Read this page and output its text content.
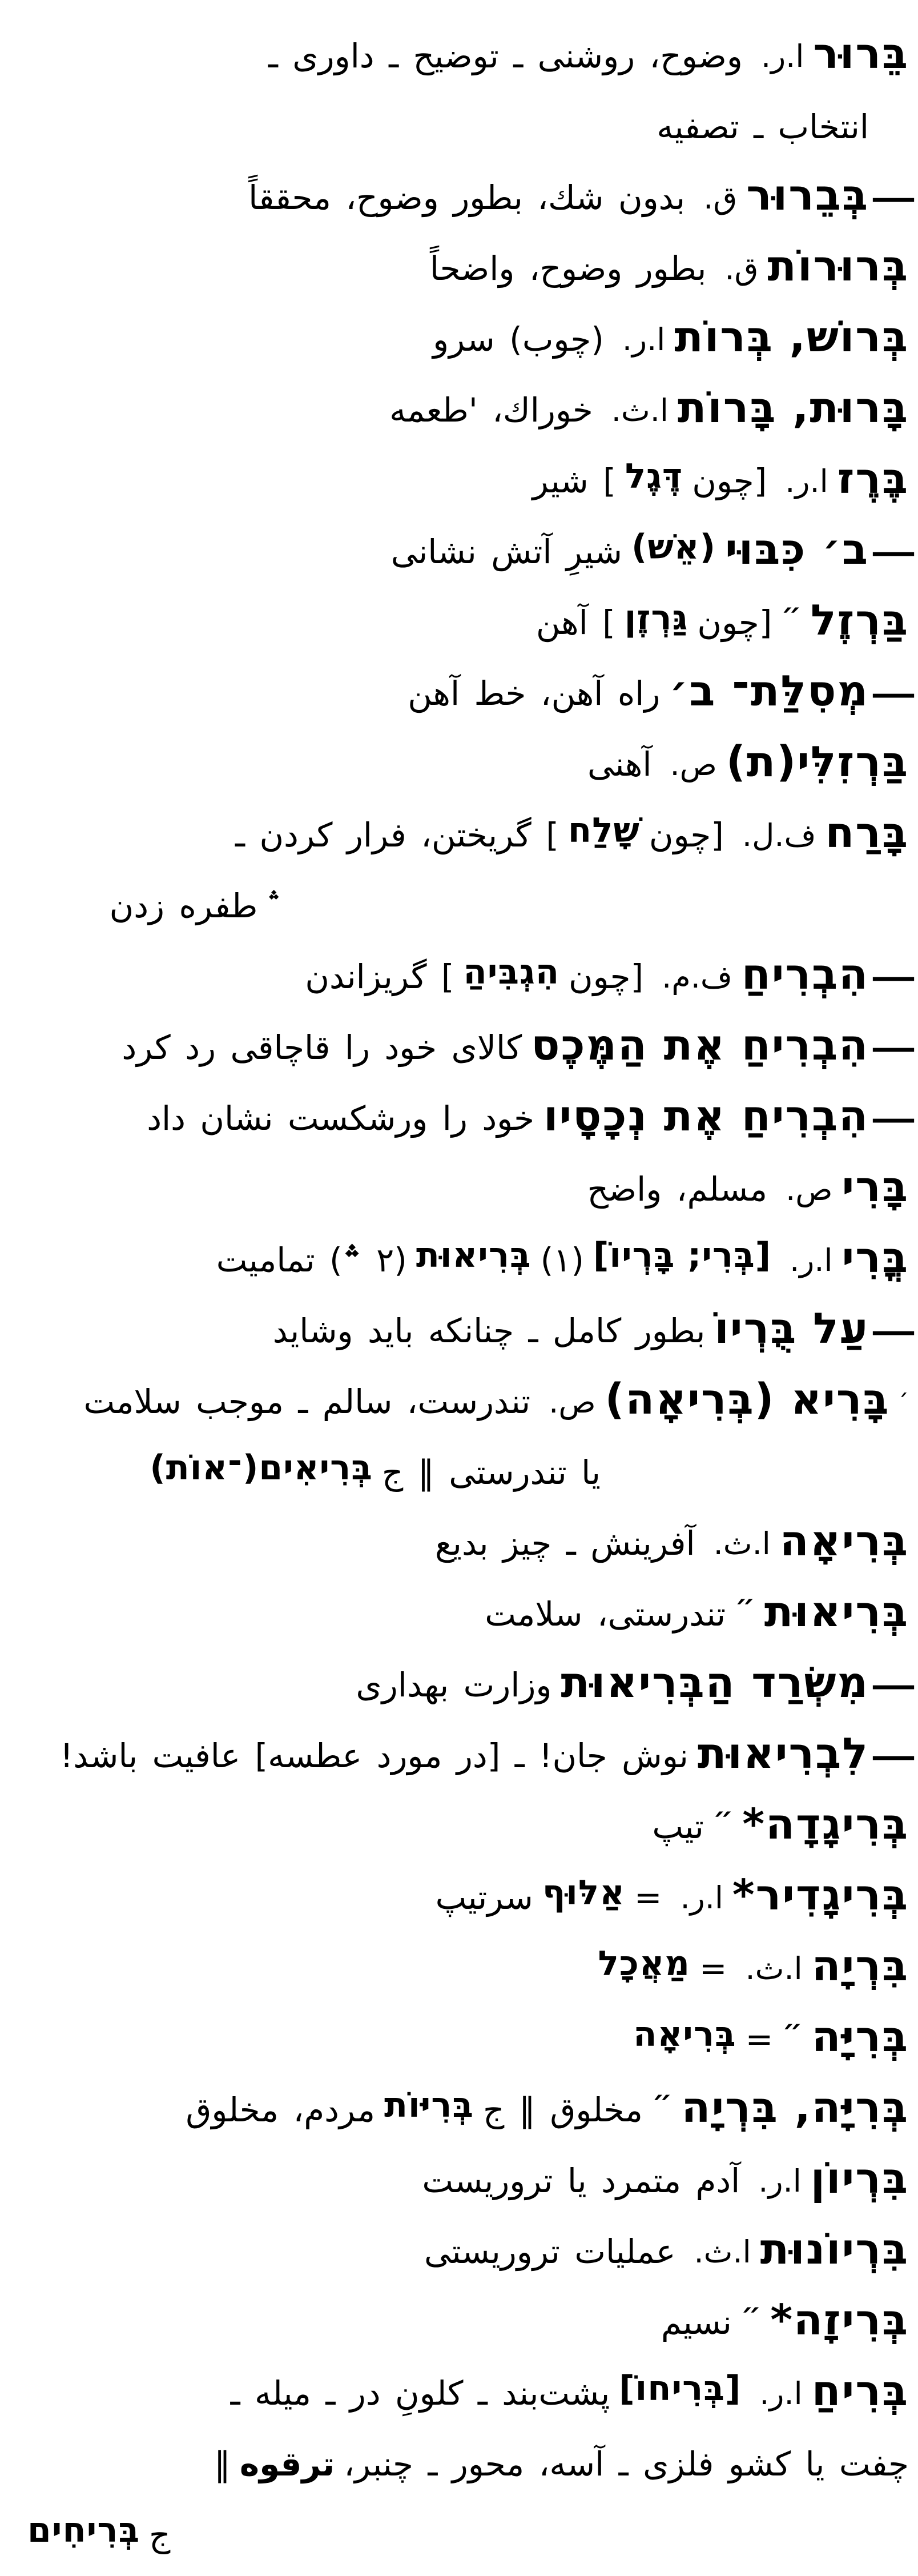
בֵּרוּר
ا.ر.
وضوح، روشنی ـ توضیح ـ داوری ـ
انتخاب ـ تصفیه
—
בְּבֵרוּר
ق.
بدون شك، بطور وضوح، محققاً
בְּרוּרוֹת
ق.
بطور وضوح، واضحاً
בְּרוֹשׁ, בְּרוֹת
ا.ر.
(چوب) سرو
בָּרוּת, בָּרוֹת
ا.ث.
خوراك، 'طعمه
בֶּרֶז
ا.ر.
[چون
דֶּגֶל
] شیر
—
ב׳ כִּבּוּי
(אֵשׁ)
شیرِ آتش نشانی
בַּרְזֶל
״
[چون
גַּרְזֶן
] آهن
—
מְסִלַּת־ ב׳
راه آهن، خط آهن
בַּרְזִלִּי(ת)
ص.
آهنی
בָּרַח
ف.ل.
[چون
שָׁלַח
] گریختن، فرار كردن ـ
؞
طفره زدن
—
הִבְרִיחַ
ف.م.
[چون
הִגְבִּיהַ
] گریزاندن
—
הִבְרִיחַ אֶת הַמֶּכֶס
كالای خود را قاچاقی رد كرد
—
הִבְרִיחַ אֶת נְכָסָיו
خود را ورشكست نشان داد
בָּרִי
ص.
مسلم، واضح
בֳּרִי
ا.ر.
[בְּרִי; בָּרְיוֹ]
(۱)
בְּרִיאוּת
(۲ ؞) تمامیت
—
עַל בֻּרְיוֹ
بطور كامل ـ چنانكه باید وشاید
׳
בָּרִיא (בְּרִיאָה)
ص.
تندرست، سالم ـ موجب سلامت
یا تندرستی ‖ ج
בְּרִיאִים(־אוֹת)
בְּרִיאָה
ا.ث.
آفرینش ـ چیز بدیع
בְּרִיאוּת
״
تندرستی، سلامت
—
מִשְׂרַד הַבְּרִיאוּת
وزارت بهداری
—
לִבְרִיאוּת
نوش جان! ـ [در مورد عطسه] عافیت باشد!
בְּרִיגָדָה*
״
تیپ
בְּרִיגָדִיר*
ا.ر.
=
אַלּוּף
سرتیپ
בִּרְיָה
ا.ث.
=
מַאֲכָל
בְּרִיָּה
״
=
בְּרִיאָה
בְּרִיָּה, בִּרְיָה
״
مخلوق ‖ ج
בְּרִיּוֹת
مردم، مخلوق
בִּרְיוֹן
ا.ر.
آدم متمرد یا تروریست
בִּרְיוֹנוּת
ا.ث.
عملیات تروریستی
בְּרִיזָה*
״
نسیم
בְּרִיחַ
ا.ر.
[בְּרִיחוֹ]
پشت‌بند ـ كلونِ در ـ میله ـ
چفت یا كشو فلزی ـ آسه، محور ـ چنبر،
ترقوه
‖
ج
בְּרִיחִים
